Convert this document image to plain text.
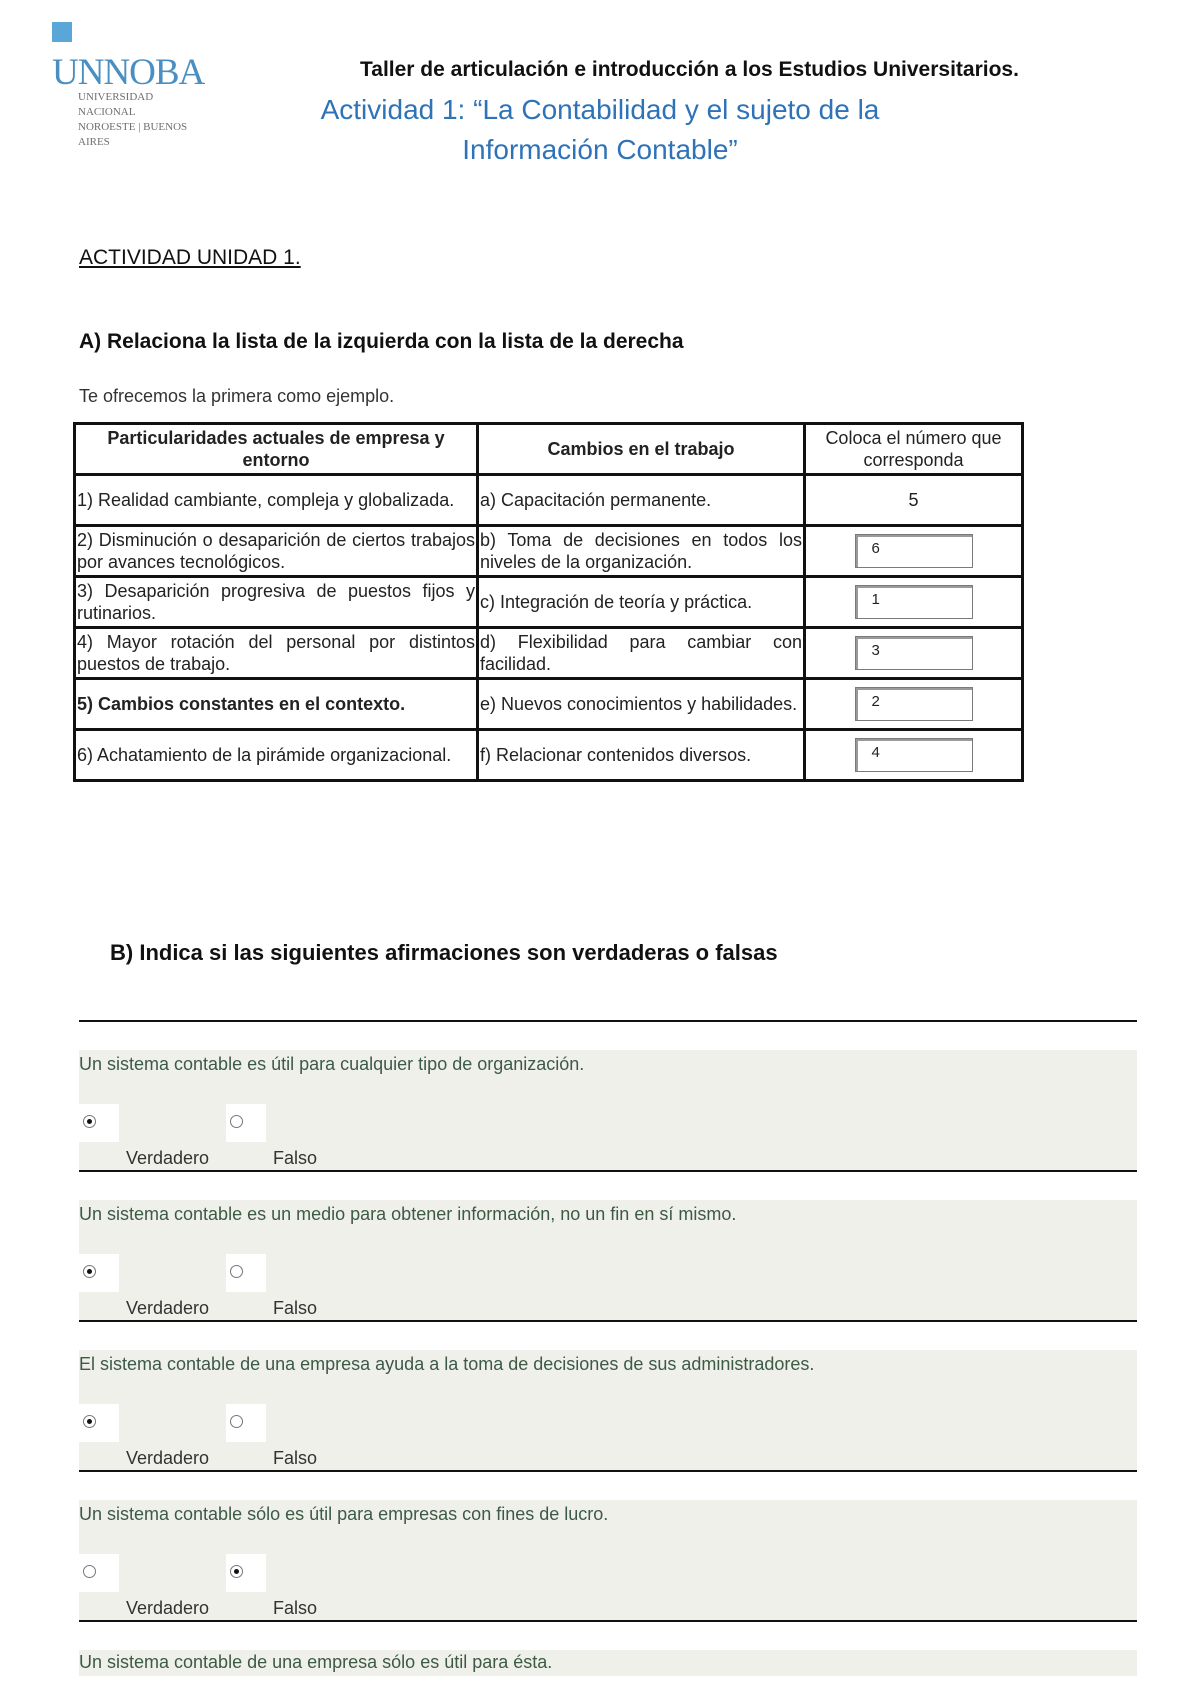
UNNOBA
UNIVERSIDAD NACIONAL
NOROESTE | BUENOS AIRES
Taller de articulación e introducción a los Estudios Universitarios.
Actividad 1: “La Contabilidad y el sujeto de la
Información Contable”
ACTIVIDAD UNIDAD 1.
A) Relaciona la lista de la izquierda con la lista de la derecha
Te ofrecemos la primera como ejemplo.
Particularidades actuales de empresa y entorno	Cambios en el trabajo	Coloca el número que corresponda
1) Realidad cambiante, compleja y globalizada.	a) Capacitación permanente.	5
2) Disminución o desaparición de ciertos trabajos por avances tecnológicos.	b) Toma de decisiones en todos los niveles de la organización.	6
3) Desaparición progresiva de puestos fijos y rutinarios.	c) Integración de teoría y práctica.	1
4) Mayor rotación del personal por distintos puestos de trabajo.	d) Flexibilidad para cambiar con facilidad.	3
5) Cambios constantes en el contexto.	e) Nuevos conocimientos y habilidades.	2
6) Achatamiento de la pirámide organizacional.	f) Relacionar contenidos diversos.	4
B) Indica si las siguientes afirmaciones son verdaderas o falsas
Un sistema contable es útil para cualquier tipo de organización.
Verdadero	Falso
Un sistema contable es un medio para obtener información, no un fin en sí mismo.
Verdadero	Falso
El sistema contable de una empresa ayuda a la toma de decisiones de sus administradores.
Verdadero	Falso
Un sistema contable sólo es útil para empresas con fines de lucro.
Verdadero	Falso
Un sistema contable de una empresa sólo es útil para ésta.
